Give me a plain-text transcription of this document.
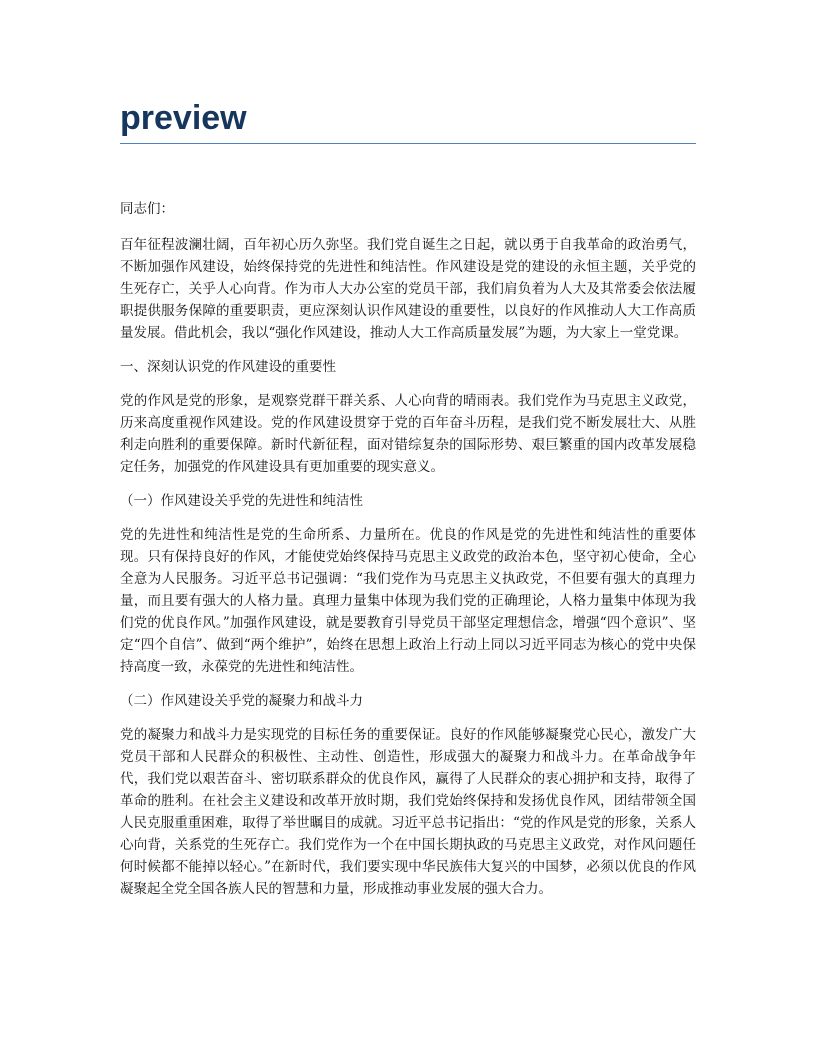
preview

同志们：

百年征程波澜壮阔，百年初心历久弥坚。我们党自诞生之日起，就以勇于自我革命的政治勇气，不断加强作风建设，始终保持党的先进性和纯洁性。作风建设是党的建设的永恒主题，关乎党的生死存亡，关乎人心向背。作为市人大办公室的党员干部，我们肩负着为人大及其常委会依法履职提供服务保障的重要职责，更应深刻认识作风建设的重要性，以良好的作风推动人大工作高质量发展。借此机会，我以“强化作风建设，推动人大工作高质量发展”为题，为大家上一堂党课。

一、深刻认识党的作风建设的重要性

党的作风是党的形象，是观察党群干群关系、人心向背的晴雨表。我们党作为马克思主义政党，历来高度重视作风建设。党的作风建设贯穿于党的百年奋斗历程，是我们党不断发展壮大、从胜利走向胜利的重要保障。新时代新征程，面对错综复杂的国际形势、艰巨繁重的国内改革发展稳定任务，加强党的作风建设具有更加重要的现实意义。

（一）作风建设关乎党的先进性和纯洁性

党的先进性和纯洁性是党的生命所系、力量所在。优良的作风是党的先进性和纯洁性的重要体现。只有保持良好的作风，才能使党始终保持马克思主义政党的政治本色，坚守初心使命，全心全意为人民服务。习近平总书记强调：“我们党作为马克思主义执政党，不但要有强大的真理力量，而且要有强大的人格力量。真理力量集中体现为我们党的正确理论，人格力量集中体现为我们党的优良作风。”加强作风建设，就是要教育引导党员干部坚定理想信念，增强“四个意识”、坚定“四个自信”、做到“两个维护”，始终在思想上政治上行动上同以习近平同志为核心的党中央保持高度一致，永葆党的先进性和纯洁性。

（二）作风建设关乎党的凝聚力和战斗力

党的凝聚力和战斗力是实现党的目标任务的重要保证。良好的作风能够凝聚党心民心，激发广大党员干部和人民群众的积极性、主动性、创造性，形成强大的凝聚力和战斗力。在革命战争年代，我们党以艰苦奋斗、密切联系群众的优良作风，赢得了人民群众的衷心拥护和支持，取得了革命的胜利。在社会主义建设和改革开放时期，我们党始终保持和发扬优良作风，团结带领全国人民克服重重困难，取得了举世瞩目的成就。习近平总书记指出：“党的作风是党的形象，关系人心向背，关系党的生死存亡。我们党作为一个在中国长期执政的马克思主义政党，对作风问题任何时候都不能掉以轻心。”在新时代，我们要实现中华民族伟大复兴的中国梦，必须以优良的作风凝聚起全党全国各族人民的智慧和力量，形成推动事业发展的强大合力。
